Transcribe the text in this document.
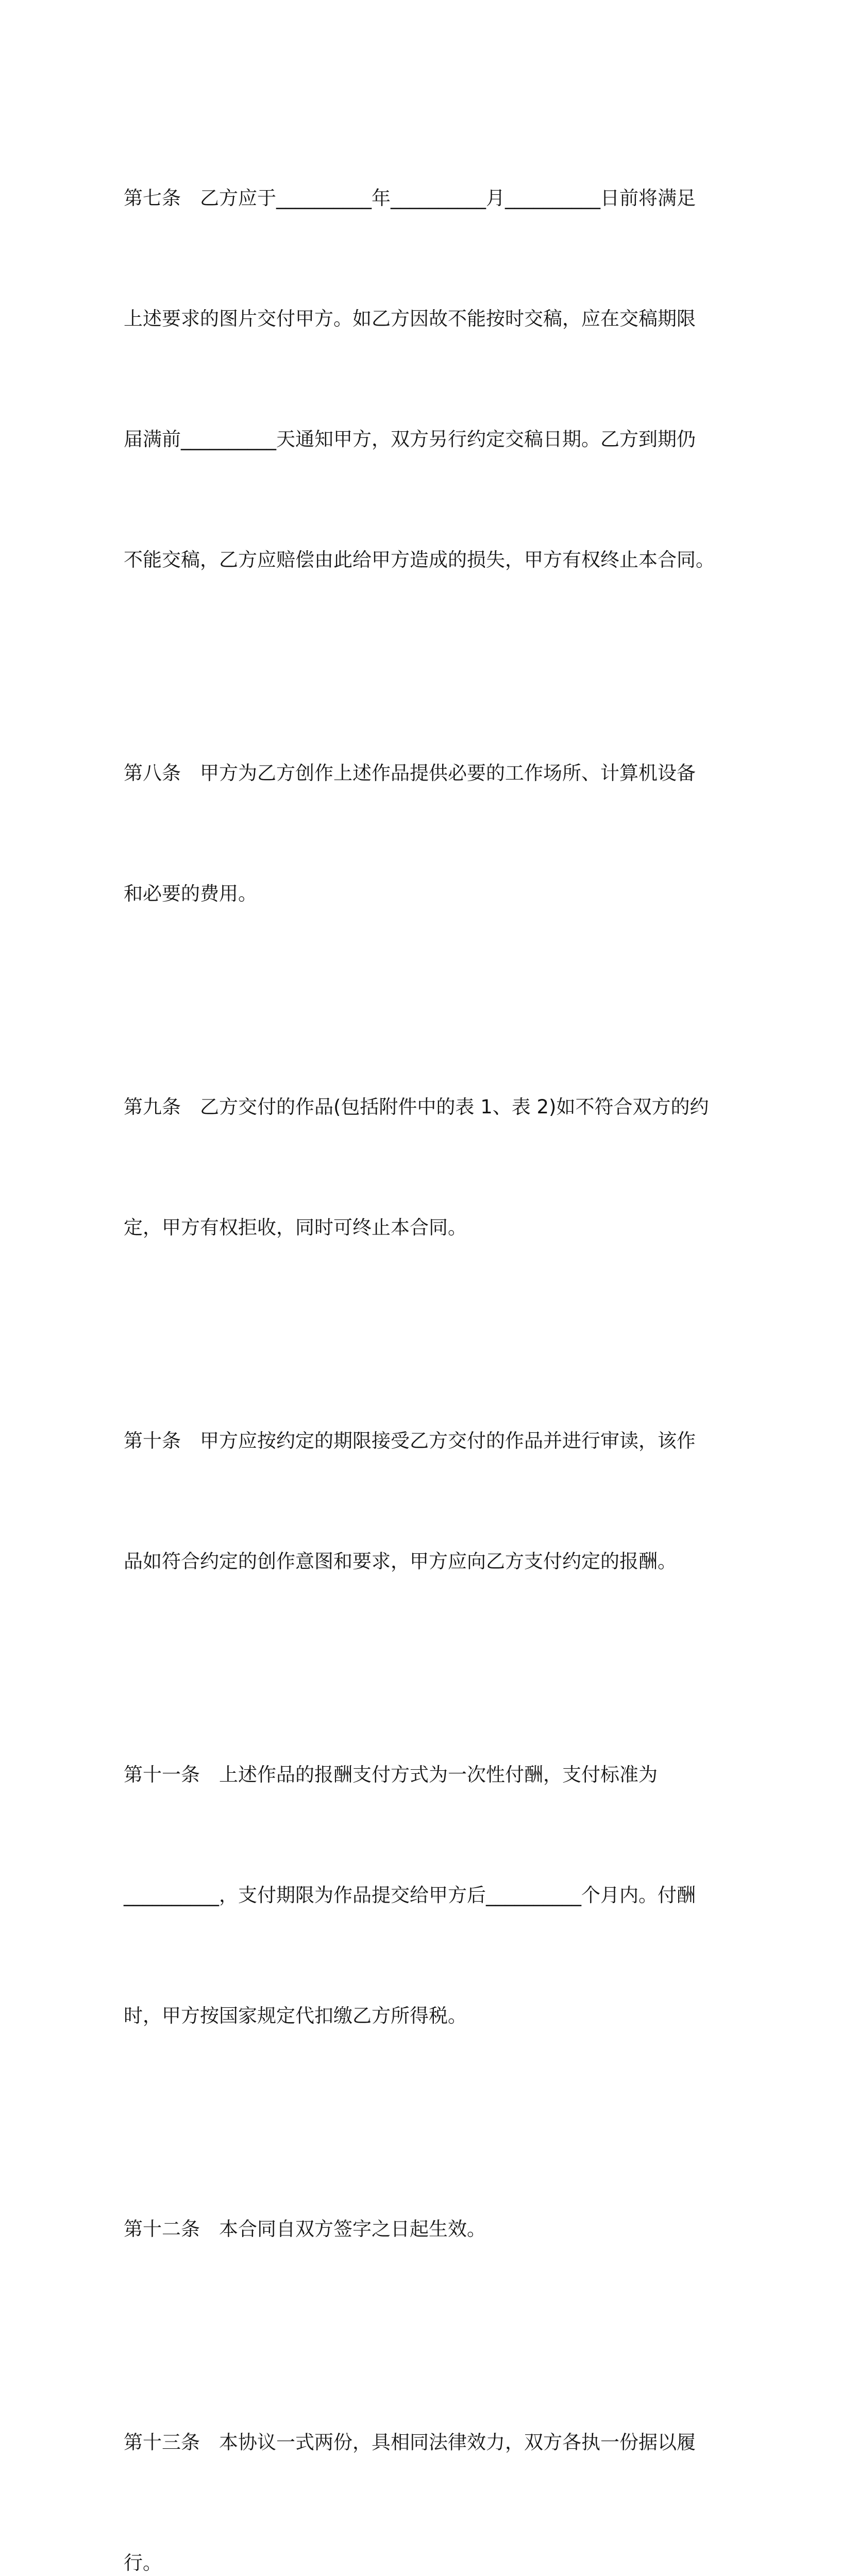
第七条　乙方应于__________年__________月__________日前将满足

上述要求的图片交付甲方。如乙方因故不能按时交稿，应在交稿期限

届满前__________天通知甲方，双方另行约定交稿日期。乙方到期仍

不能交稿，乙方应赔偿由此给甲方造成的损失，甲方有权终止本合同。

第八条　甲方为乙方创作上述作品提供必要的工作场所、计算机设备

和必要的费用。

第九条　乙方交付的作品(包括附件中的表 1、表 2)如不符合双方的约

定，甲方有权拒收，同时可终止本合同。

第十条　甲方应按约定的期限接受乙方交付的作品并进行审读，该作

品如符合约定的创作意图和要求，甲方应向乙方支付约定的报酬。

第十一条　上述作品的报酬支付方式为一次性付酬，支付标准为

__________，支付期限为作品提交给甲方后__________个月内。付酬

时，甲方按国家规定代扣缴乙方所得税。

第十二条　本合同自双方签字之日起生效。

第十三条　本协议一式两份，具相同法律效力，双方各执一份据以履

行。
